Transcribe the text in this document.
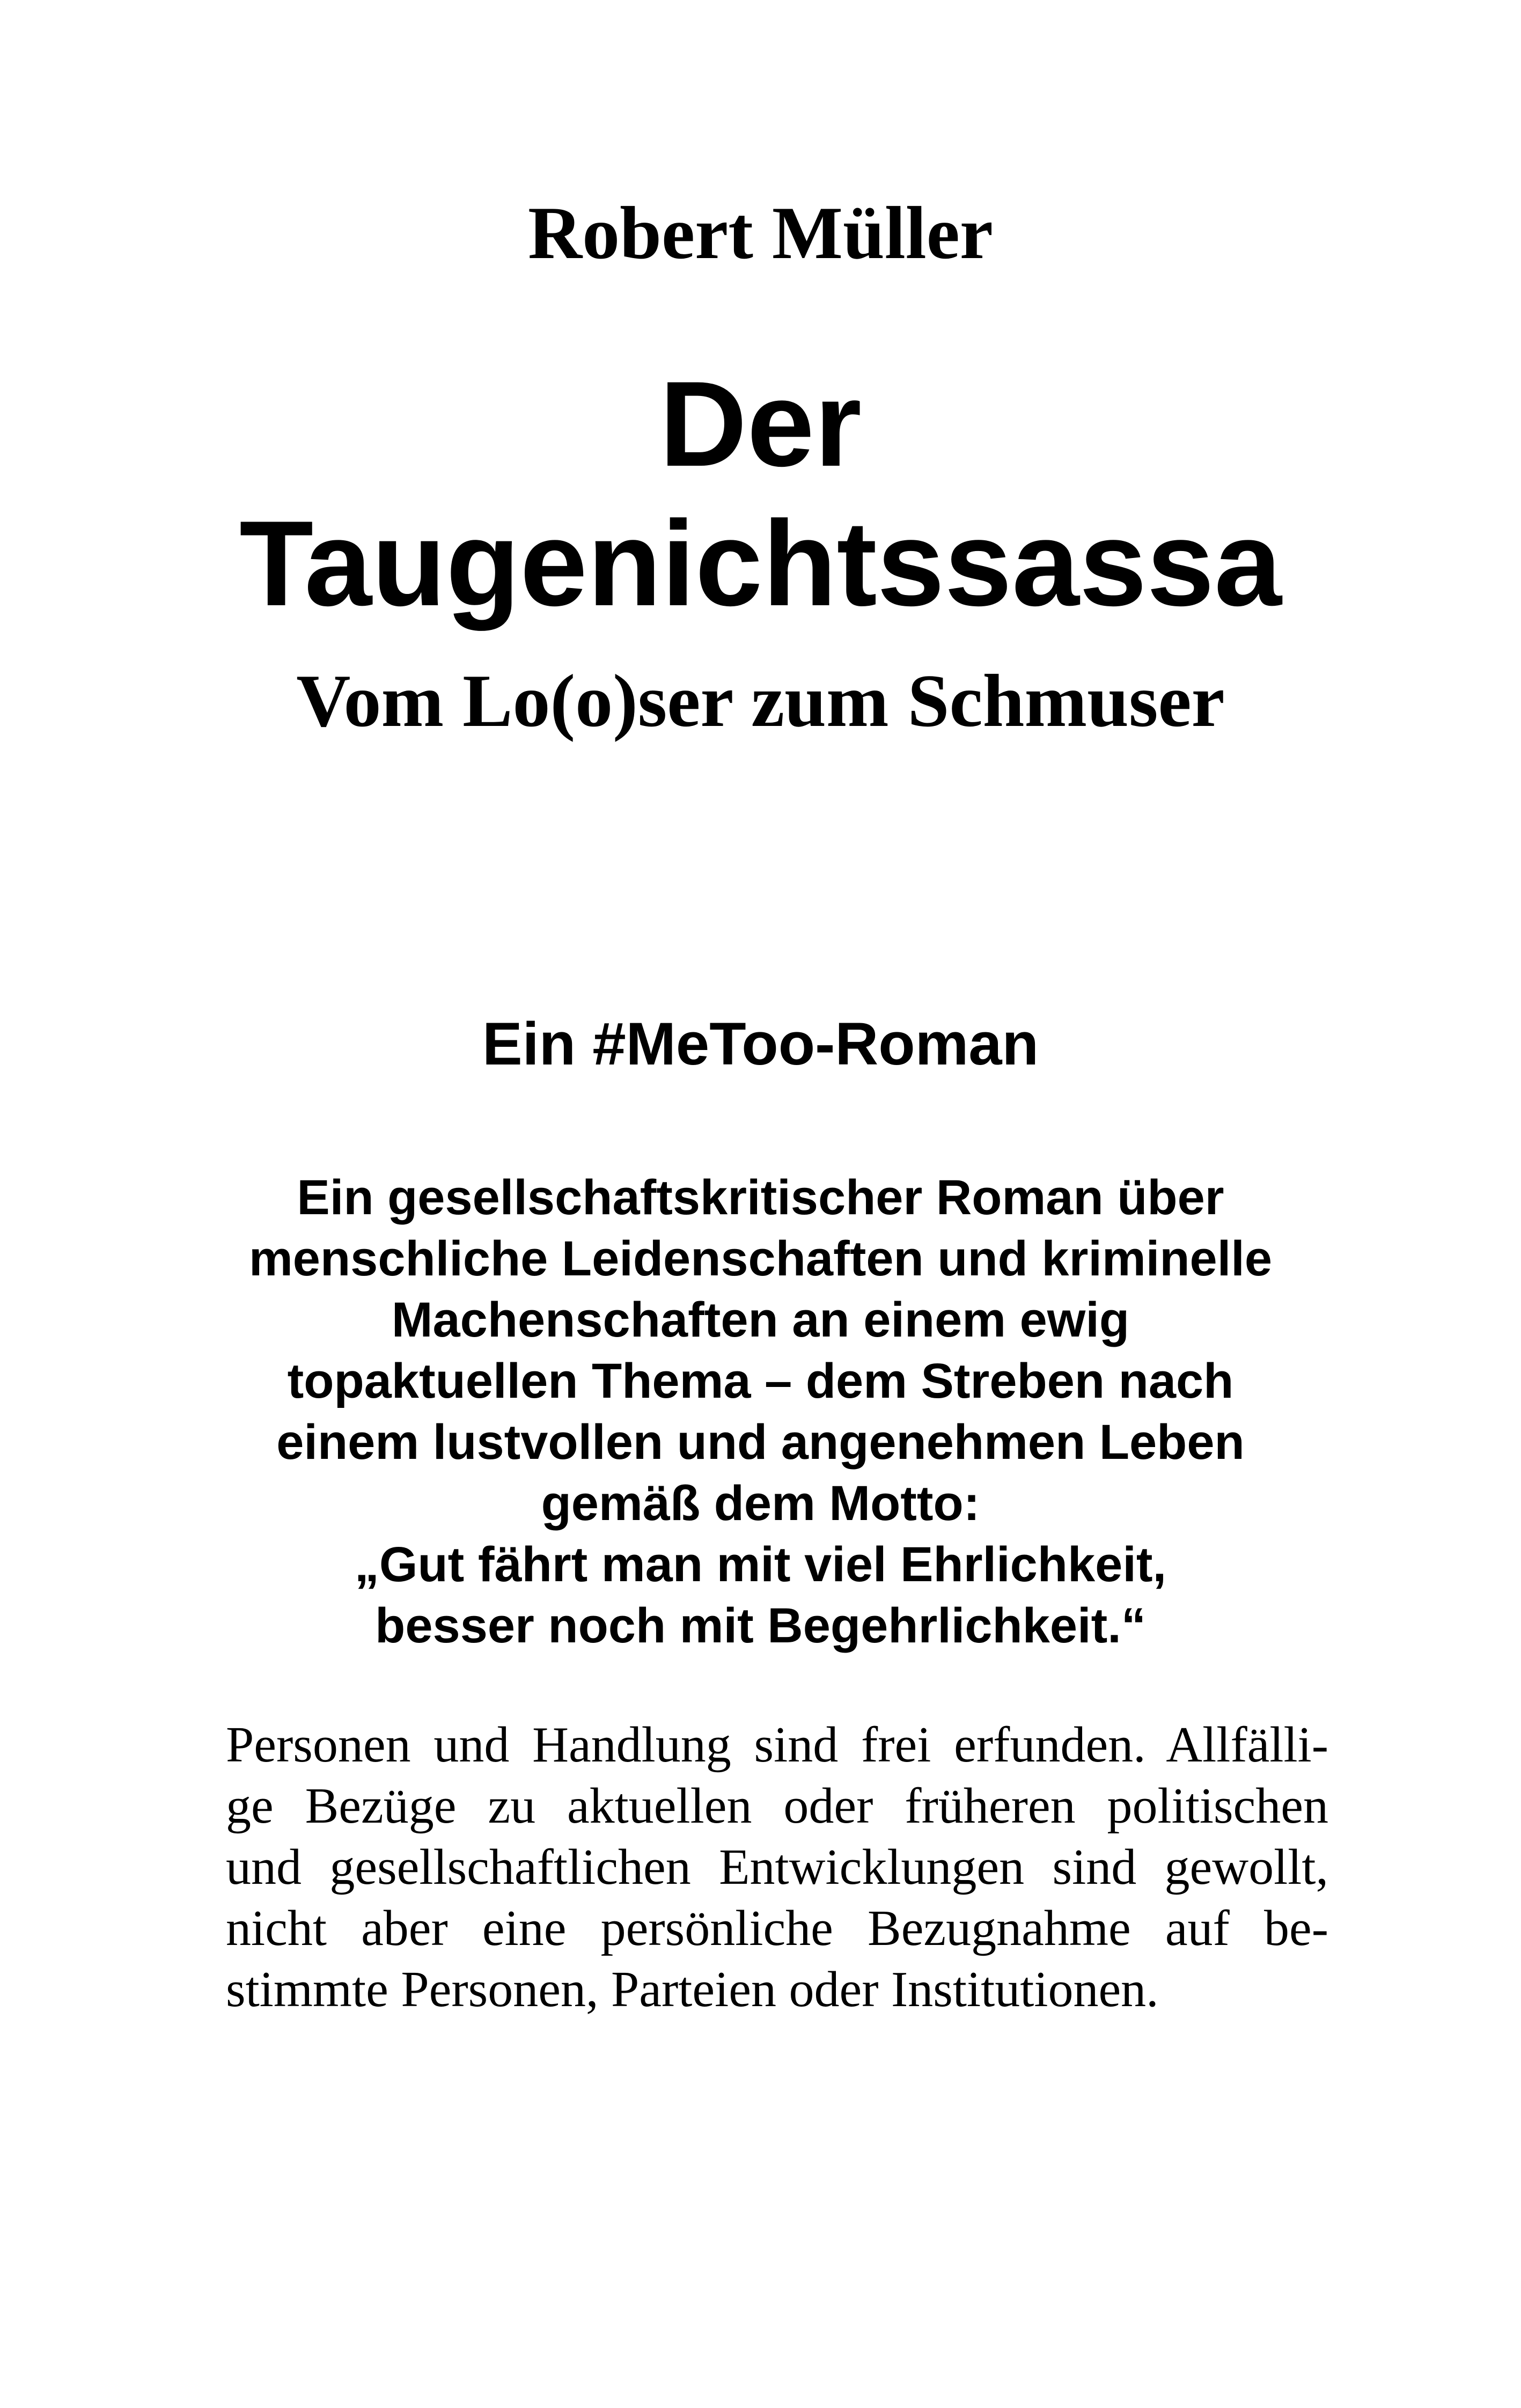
Robert Müller
Der
Taugenichtssassa
Vom Lo(o)ser zum Schmuser
Ein #MeToo-Roman
Ein gesellschaftskritischer Roman über
menschliche Leidenschaften und kriminelle
Machenschaften an einem ewig
topaktuellen Thema – dem Streben nach
einem lustvollen und angenehmen Leben
gemäß dem Motto:
„Gut fährt man mit viel Ehrlichkeit,
besser noch mit Begehrlichkeit.“
Personen und Handlung sind frei erfunden. Allfälli-
ge Bezüge zu aktuellen oder früheren politischen
und gesellschaftlichen Entwicklungen sind gewollt,
nicht aber eine persönliche Bezugnahme auf be-
stimmte Personen, Parteien oder Institutionen.
